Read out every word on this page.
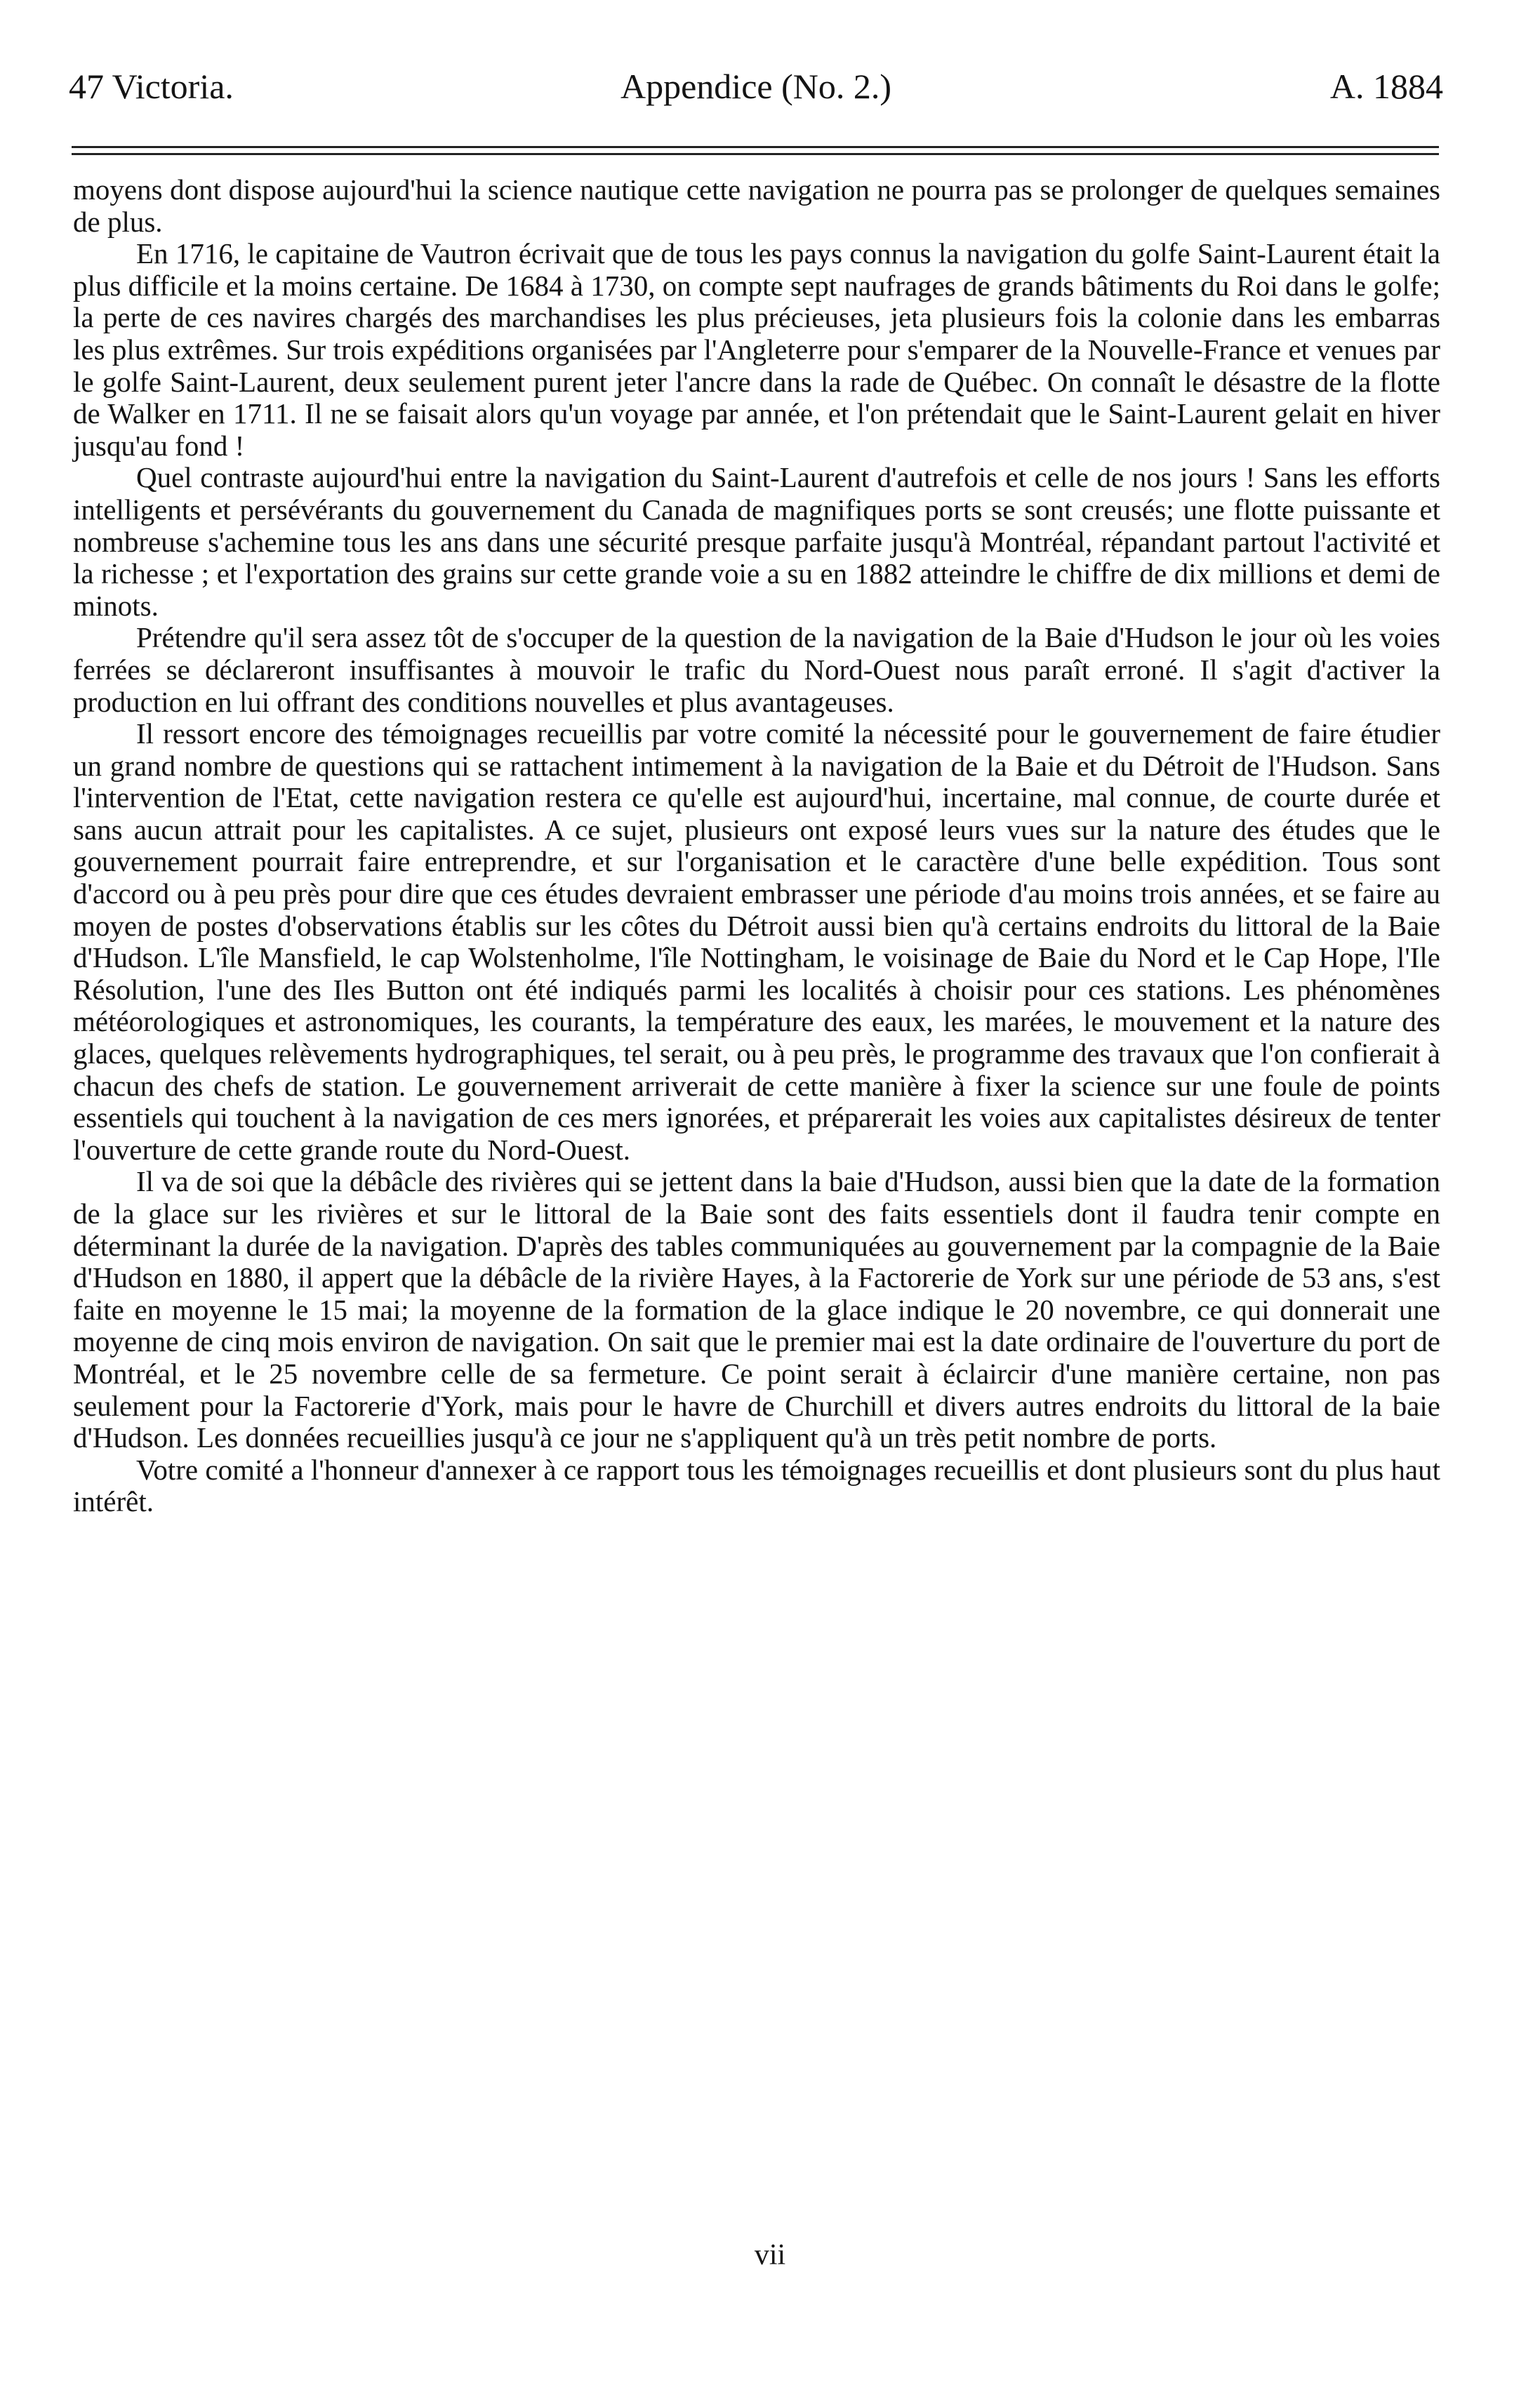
47 Victoria.	Appendice (No. 2.)	A. 1884

moyens dont dispose aujourd'hui la science nautique cette navigation ne pourra pas se prolonger de quelques semaines de plus.

En 1716, le capitaine de Vautron écrivait que de tous les pays connus la navigation du golfe Saint-Laurent était la plus difficile et la moins certaine. De 1684 à 1730, on compte sept naufrages de grands bâtiments du Roi dans le golfe; la perte de ces navires chargés des marchandises les plus précieuses, jeta plusieurs fois la colonie dans les embarras les plus extrêmes. Sur trois expéditions organisées par l'Angleterre pour s'emparer de la Nouvelle-France et venues par le golfe Saint-Laurent, deux seulement purent jeter l'ancre dans la rade de Québec. On connaît le désastre de la flotte de Walker en 1711. Il ne se faisait alors qu'un voyage par année, et l'on prétendait que le Saint-Laurent gelait en hiver jusqu'au fond !

Quel contraste aujourd'hui entre la navigation du Saint-Laurent d'autrefois et celle de nos jours ! Sans les efforts intelligents et persévérants du gouvernement du Canada de magnifiques ports se sont creusés; une flotte puissante et nombreuse s'achemine tous les ans dans une sécurité presque parfaite jusqu'à Montréal, répandant partout l'activité et la richesse ; et l'exportation des grains sur cette grande voie a su en 1882 atteindre le chiffre de dix millions et demi de minots.

Prétendre qu'il sera assez tôt de s'occuper de la question de la navigation de la Baie d'Hudson le jour où les voies ferrées se déclareront insuffisantes à mouvoir le trafic du Nord-Ouest nous paraît erroné. Il s'agit d'activer la production en lui offrant des conditions nouvelles et plus avantageuses.

Il ressort encore des témoignages recueillis par votre comité la nécessité pour le gouvernement de faire étudier un grand nombre de questions qui se rattachent intimement à la navigation de la Baie et du Détroit de l'Hudson. Sans l'intervention de l'Etat, cette navigation restera ce qu'elle est aujourd'hui, incertaine, mal connue, de courte durée et sans aucun attrait pour les capitalistes. A ce sujet, plusieurs ont exposé leurs vues sur la nature des études que le gouvernement pourrait faire entreprendre, et sur l'organisation et le caractère d'une belle expédition. Tous sont d'accord ou à peu près pour dire que ces études devraient embrasser une période d'au moins trois années, et se faire au moyen de postes d'observations établis sur les côtes du Détroit aussi bien qu'à certains endroits du littoral de la Baie d'Hudson. L'île Mansfield, le cap Wolstenholme, l'île Nottingham, le voisinage de Baie du Nord et le Cap Hope, l'Ile Résolution, l'une des Iles Button ont été indiqués parmi les localités à choisir pour ces stations. Les phénomènes météorologiques et astronomiques, les courants, la température des eaux, les marées, le mouvement et la nature des glaces, quelques relèvements hydrographiques, tel serait, ou à peu près, le programme des travaux que l'on confierait à chacun des chefs de station. Le gouvernement arriverait de cette manière à fixer la science sur une foule de points essentiels qui touchent à la navigation de ces mers ignorées, et préparerait les voies aux capitalistes désireux de tenter l'ouverture de cette grande route du Nord-Ouest.

Il va de soi que la débâcle des rivières qui se jettent dans la baie d'Hudson, aussi bien que la date de la formation de la glace sur les rivières et sur le littoral de la Baie sont des faits essentiels dont il faudra tenir compte en déterminant la durée de la navigation. D'après des tables communiquées au gouvernement par la compagnie de la Baie d'Hudson en 1880, il appert que la débâcle de la rivière Hayes, à la Factorerie de York sur une période de 53 ans, s'est faite en moyenne le 15 mai; la moyenne de la formation de la glace indique le 20 novembre, ce qui donnerait une moyenne de cinq mois environ de navigation. On sait que le premier mai est la date ordinaire de l'ouverture du port de Montréal, et le 25 novembre celle de sa fermeture. Ce point serait à éclaircir d'une manière certaine, non pas seulement pour la Factorerie d'York, mais pour le havre de Churchill et divers autres endroits du littoral de la baie d'Hudson. Les données recueillies jusqu'à ce jour ne s'appliquent qu'à un très petit nombre de ports.

Votre comité a l'honneur d'annexer à ce rapport tous les témoignages recueillis et dont plusieurs sont du plus haut intérêt.

vii
